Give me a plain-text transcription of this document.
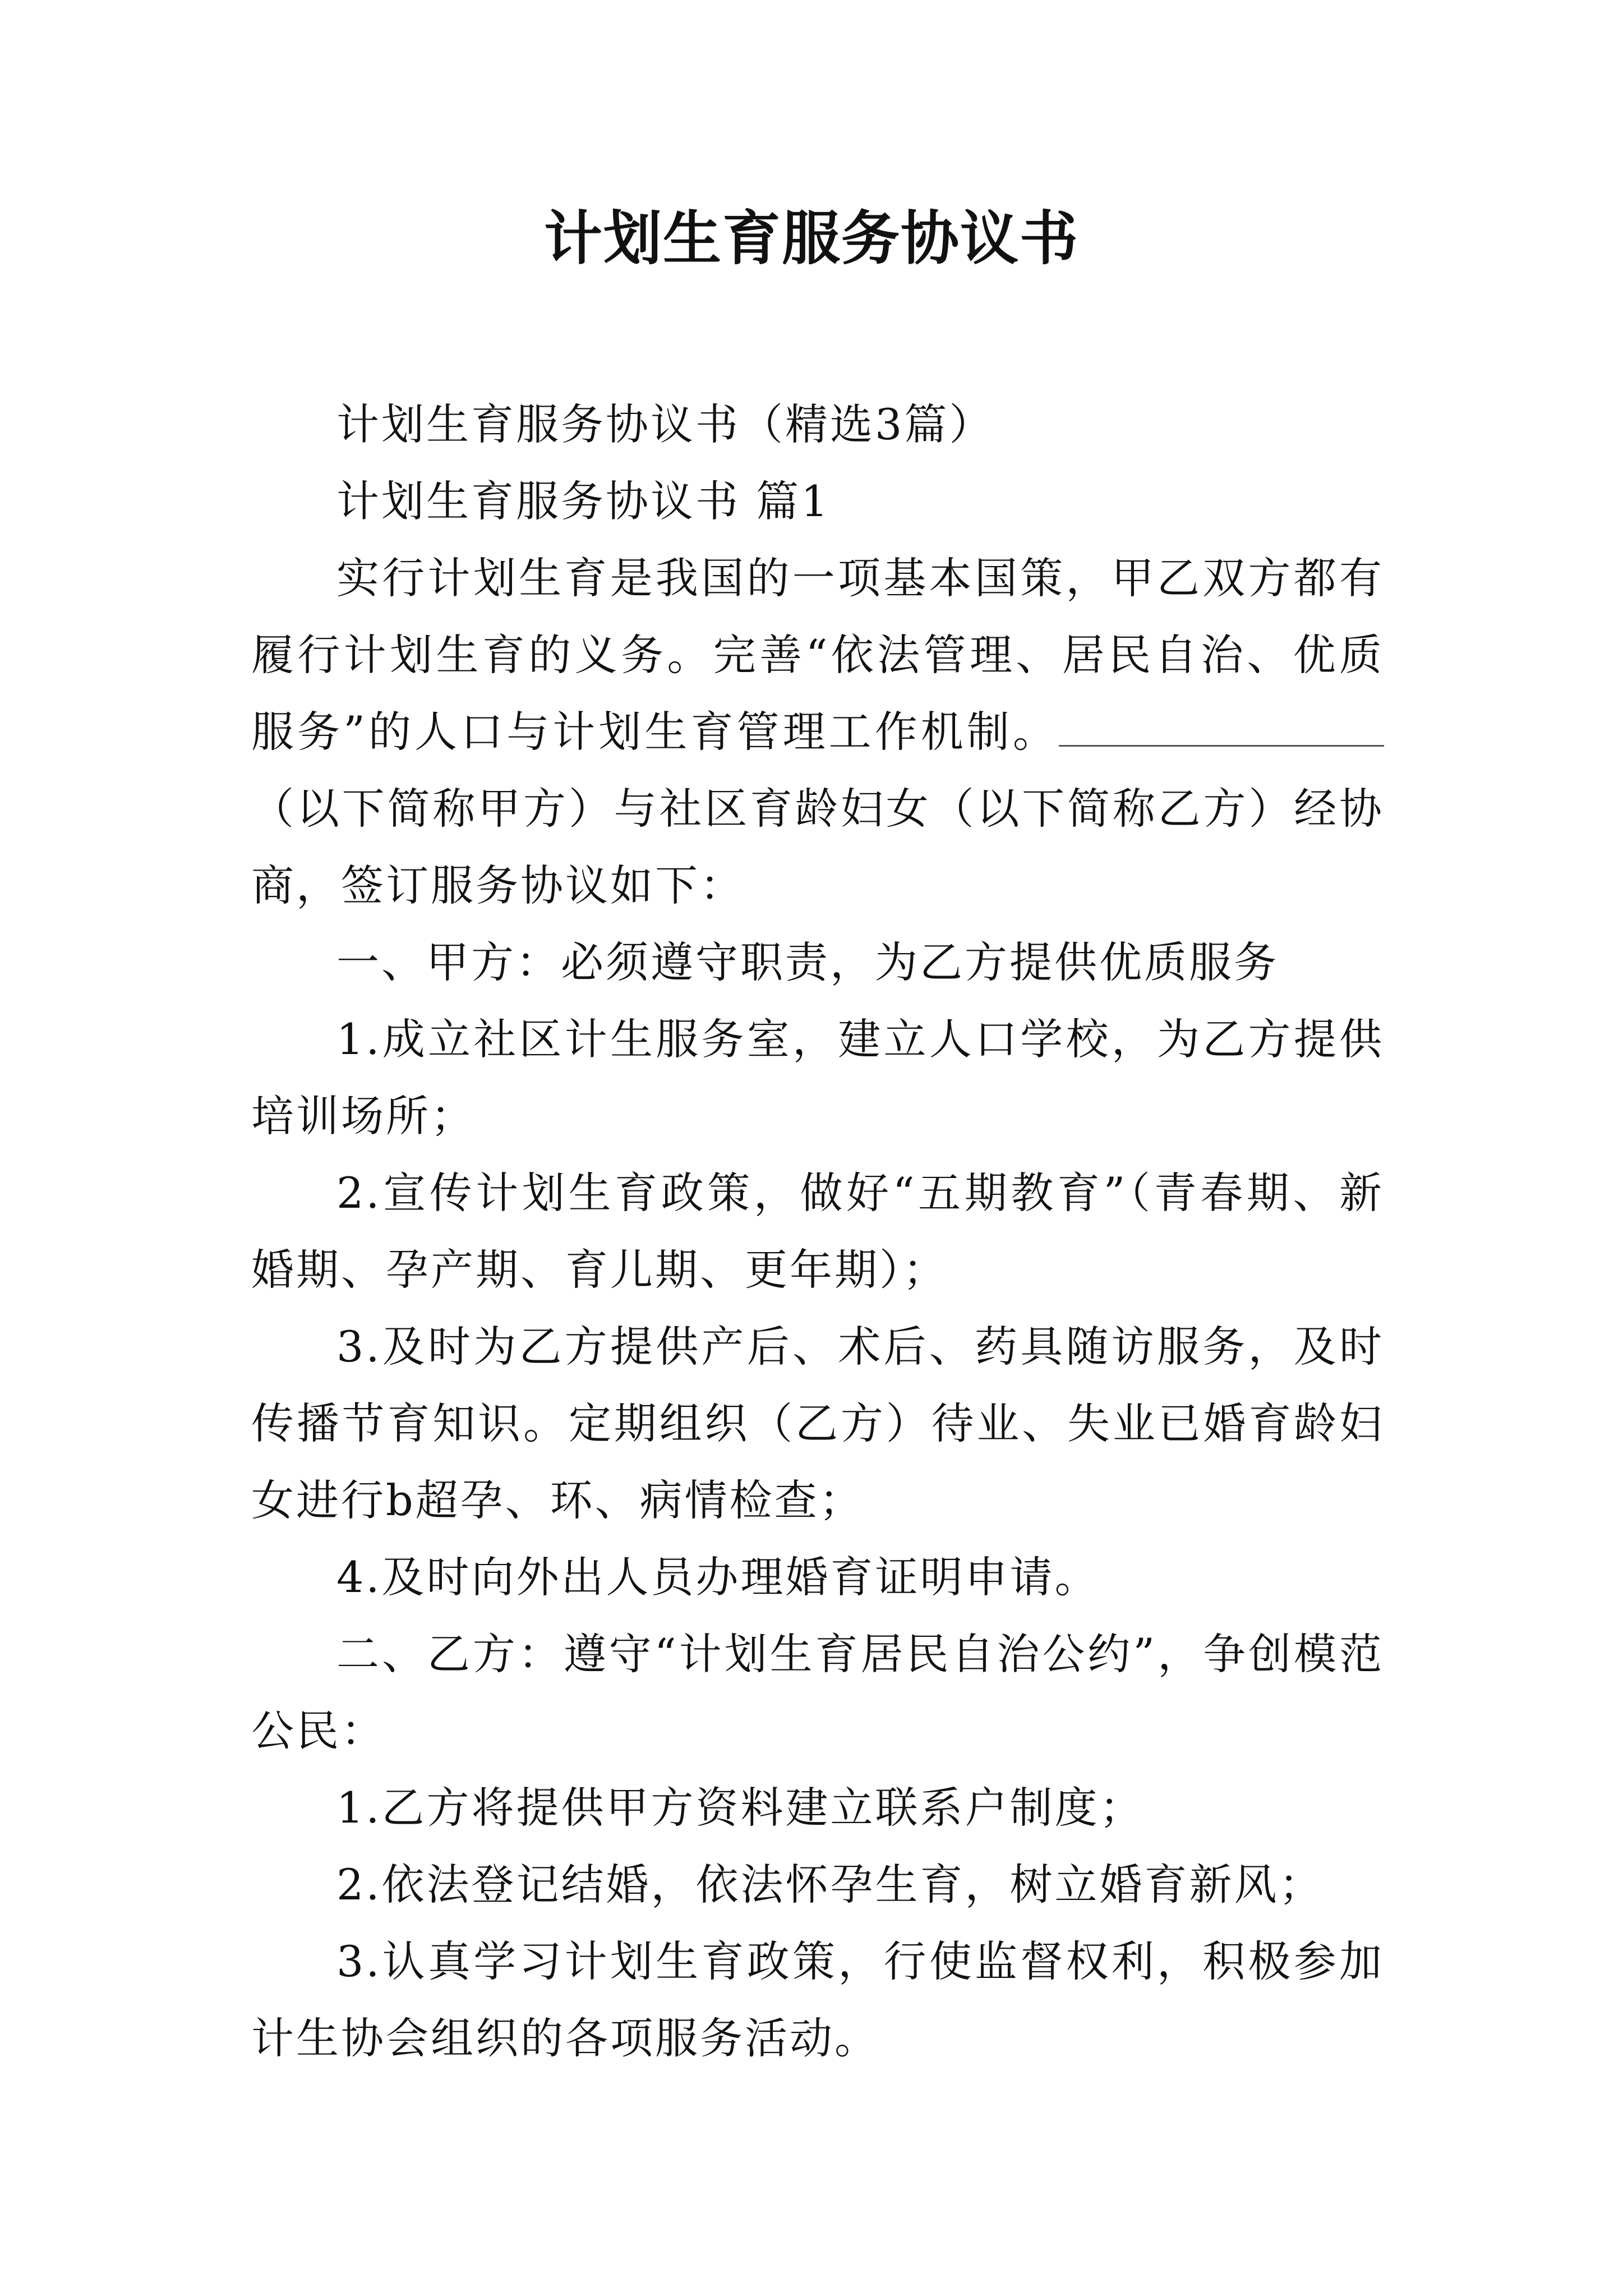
计划生育服务协议书

计划生育服务协议书（精选3篇）

计划生育服务协议书 篇1

实行计划生育是我国的一项基本国策，甲乙双方都有履行计划生育的义务。完善“依法管理、居民自治、优质服务”的人口与计划生育管理工作机制。（以下简称甲方）与社区育龄妇女（以下简称乙方）经协商，签订服务协议如下：

一、甲方：必须遵守职责，为乙方提供优质服务

1.成立社区计生服务室，建立人口学校，为乙方提供培训场所；

2.宣传计划生育政策，做好“五期教育”（青春期、新婚期、孕产期、育儿期、更年期）；

3.及时为乙方提供产后、术后、药具随访服务，及时传播节育知识。定期组织（乙方）待业、失业已婚育龄妇女进行b超孕、环、病情检查；

4.及时向外出人员办理婚育证明申请。

二、乙方：遵守“计划生育居民自治公约”，争创模范公民：

1.乙方将提供甲方资料建立联系户制度；

2.依法登记结婚，依法怀孕生育，树立婚育新风；

3.认真学习计划生育政策，行使监督权利，积极参加计生协会组织的各项服务活动。
